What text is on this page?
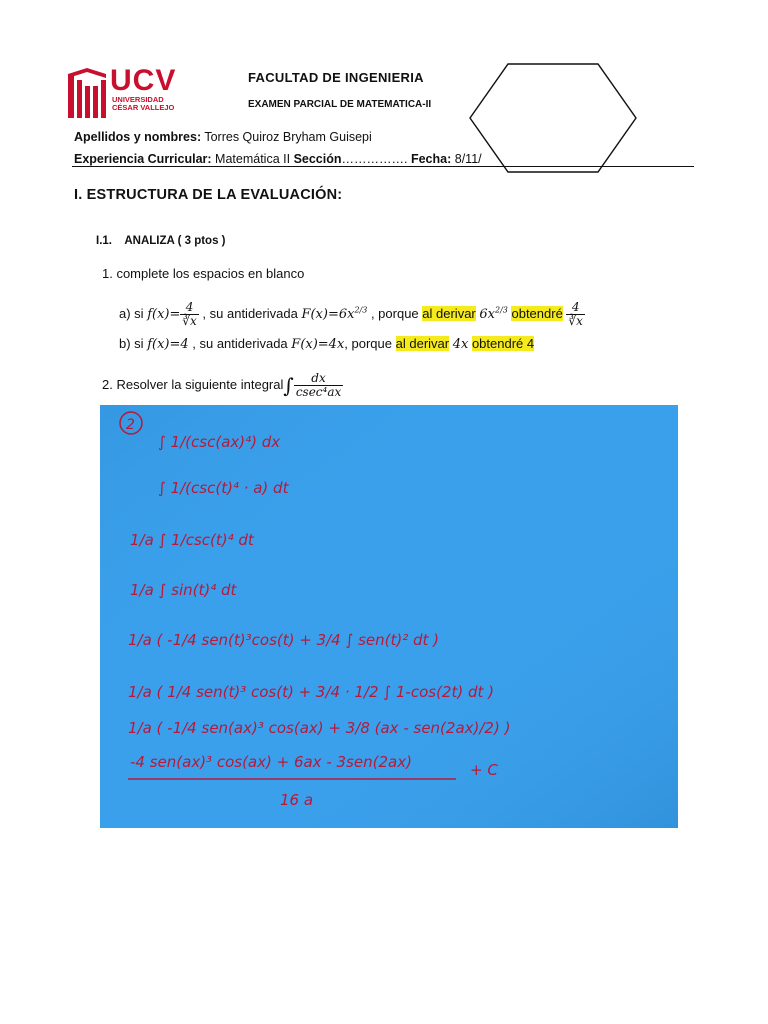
UCV
UNIVERSIDAD
CÉSAR VALLEJO
FACULTAD DE INGENIERIA
EXAMEN PARCIAL DE MATEMATICA-II
Apellidos y nombres: Torres Quiroz Bryham Guisepi
Experiencia Curricular: Matemática II Sección……………. Fecha: 8/11/
I. ESTRUCTURA DE LA EVALUACIÓN:
I.1. ANALIZA ( 3 ptos )
1. complete los espacios en blanco
a) si $f(x)= \frac{4}{∛x}$ , su antiderivada $F(x)=6x^{2/3}$ , porque al derivar $6x^{2/3}$ obtendré $\frac{4}{∛x}$
b) si f(x)=4 , su antiderivada F(x)=4x, porque al derivar 4x obtendré 4
2. Resolver la siguiente integral∫ $\frac{dx}{\text{csec⁴ax}}$
2
∫ 1/(csc(ax)⁴) dx
∫ 1/(csc(t)⁴ · a) dt
1/a ∫ 1/csc(t)⁴ dt
1/a ∫ sin(t)⁴ dt
1/a ( -1/4 sen(t)³cos(t) + 3/4 ∫ sen(t)² dt )
1/a ( 1/4 sen(t)³ cos(t) + 3/4 · 1/2 ∫ 1-cos(2t) dt )
1/a ( -1/4 sen(ax)³ cos(ax) + 3/8 (ax - sen(2ax)/2) )
-4 sen(ax)³ cos(ax) + 6ax - 3sen(2ax)
16 a
+ C
